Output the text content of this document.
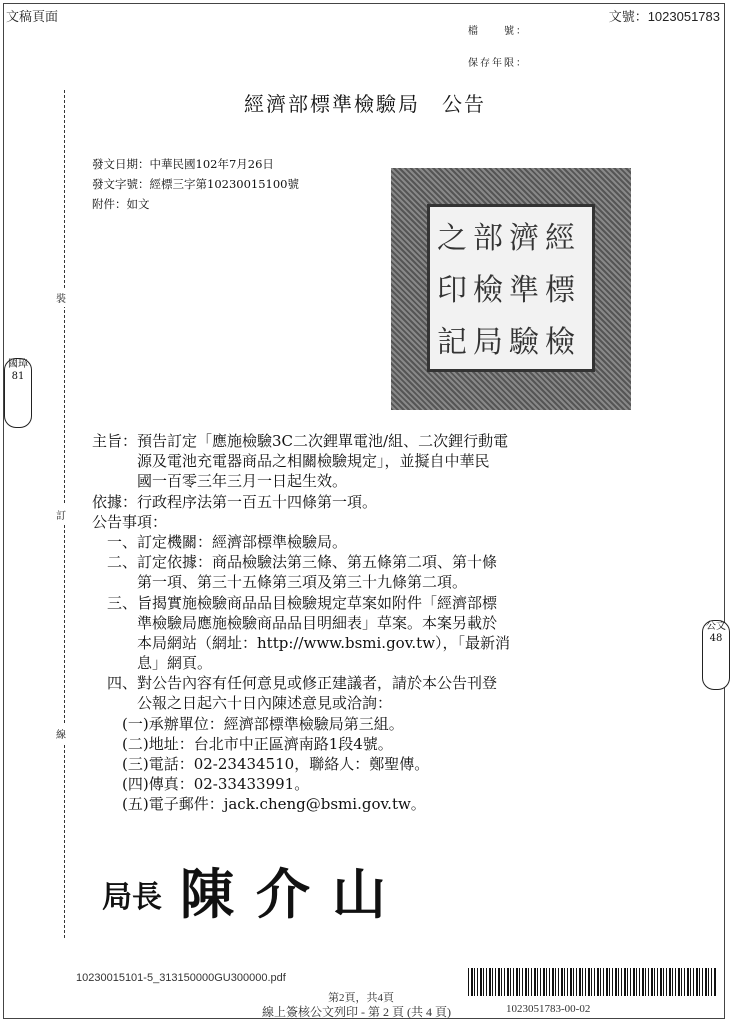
文稿頁面	文號：1023051783
檔　　號：
保存年限：
經濟部標準檢驗局　公告
裝
訂
線
發文日期：中華民國102年7月26日
發文字號：經標三字第10230015100號
附件：如文
經
標
檢
濟
準
驗
部
檢
局
之
印
記
主旨：預告訂定「應施檢驗3C二次鋰單電池/組、二次鋰行動電
　　　源及電池充電器商品之相關檢驗規定」，並擬自中華民
　　　國一百零三年三月一日起生效。
依據：行政程序法第一百五十四條第一項。
公告事項：
　一、訂定機關：經濟部標準檢驗局。
　二、訂定依據：商品檢驗法第三條、第五條第二項、第十條
　　　第一項、第三十五條第三項及第三十九條第二項。
　三、旨揭實施檢驗商品品目檢驗規定草案如附件「經濟部標
　　　準檢驗局應施檢驗商品品目明細表」草案。本案另載於
　　　本局網站（網址：http://www.bsmi.gov.tw），「最新消
　　　息」網頁。
　四、對公告內容有任何意見或修正建議者，請於本公告刊登
　　　公報之日起六十日內陳述意見或洽詢：
　　(一)承辦單位：經濟部標準檢驗局第三組。
　　(二)地址：台北市中正區濟南路1段4號。
　　(三)電話：02-23434510，聯絡人：鄭聖傳。
　　(四)傳真：02-33433991。
　　(五)電子郵件：jack.cheng@bsmi.gov.tw。
局長 陳介山
國璋
81
公文
48
10230015101-5_313150000GU300000.pdf
第2頁，共4頁
線上簽核公文列印 - 第 2 頁 (共 4 頁)	1023051783-00-02
